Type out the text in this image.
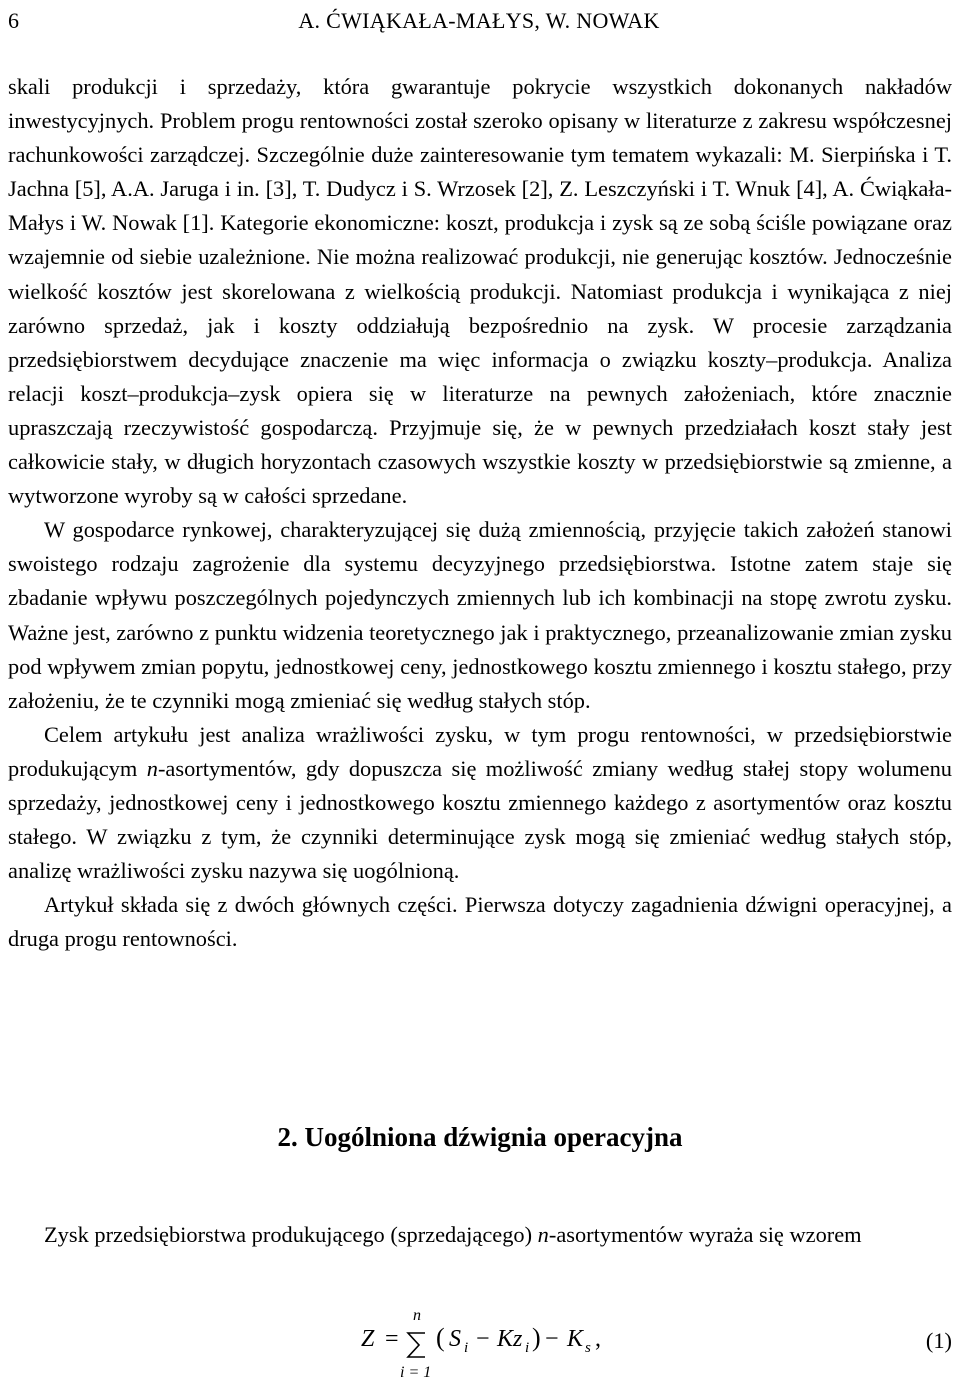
6	A. ĆWIĄKAŁA-MAŁYS, W. NOWAK

skali produkcji i sprzedaży, która gwarantuje pokrycie wszystkich dokonanych nakładów inwestycyjnych. Problem progu rentowności został szeroko opisany w literaturze z zakresu współczesnej rachunkowości zarządczej. Szczególnie duże zainteresowanie tym tematem wykazali: M. Sierpińska i T. Jachna [5], A.A. Jaruga i in. [3], T. Dudycz i S. Wrzosek [2], Z. Leszczyński i T. Wnuk [4], A. Ćwiąkała-Małys i W. Nowak [1]. Kategorie ekonomiczne: koszt, produkcja i zysk są ze sobą ściśle powiązane oraz wzajemnie od siebie uzależnione. Nie można realizować produkcji, nie generując kosztów. Jednocześnie wielkość kosztów jest skorelowana z wielkością produkcji. Natomiast produkcja i wynikająca z niej zarówno sprzedaż, jak i koszty oddziałują bezpośrednio na zysk. W procesie zarządzania przedsiębiorstwem decydujące znaczenie ma więc informacja o związku koszty–produkcja. Analiza relacji koszt–produkcja–zysk opiera się w literaturze na pewnych założeniach, które znacznie upraszczają rzeczywistość gospodarczą. Przyjmuje się, że w pewnych przedziałach koszt stały jest całkowicie stały, w długich horyzontach czasowych wszystkie koszty w przedsiębiorstwie są zmienne, a wytworzone wyroby są w całości sprzedane.

W gospodarce rynkowej, charakteryzującej się dużą zmiennością, przyjęcie takich założeń stanowi swoistego rodzaju zagrożenie dla systemu decyzyjnego przedsiębiorstwa. Istotne zatem staje się zbadanie wpływu poszczególnych pojedynczych zmiennych lub ich kombinacji na stopę zwrotu zysku. Ważne jest, zarówno z punktu widzenia teoretycznego jak i praktycznego, przeanalizowanie zmian zysku pod wpływem zmian popytu, jednostkowej ceny, jednostkowego kosztu zmiennego i kosztu stałego, przy założeniu, że te czynniki mogą zmieniać się według stałych stóp.

Celem artykułu jest analiza wrażliwości zysku, w tym progu rentowności, w przedsiębiorstwie produkującym n-asortymentów, gdy dopuszcza się możliwość zmiany według stałej stopy wolumenu sprzedaży, jednostkowej ceny i jednostkowego kosztu zmiennego każdego z asortymentów oraz kosztu stałego. W związku z tym, że czynniki determinujące zysk mogą się zmieniać według stałych stóp, analizę wrażliwości zysku nazywa się uogólnioną.

Artykuł składa się z dwóch głównych części. Pierwsza dotyczy zagadnienia dźwigni operacyjnej, a druga progu rentowności.

2. Uogólniona dźwignia operacyjna
Zysk przedsiębiorstwa produkującego (sprzedającego) n-asortymentów wyraża się wzorem
Z =
n
i = 1
( S i − Kz i ) − K s ,	(1)
